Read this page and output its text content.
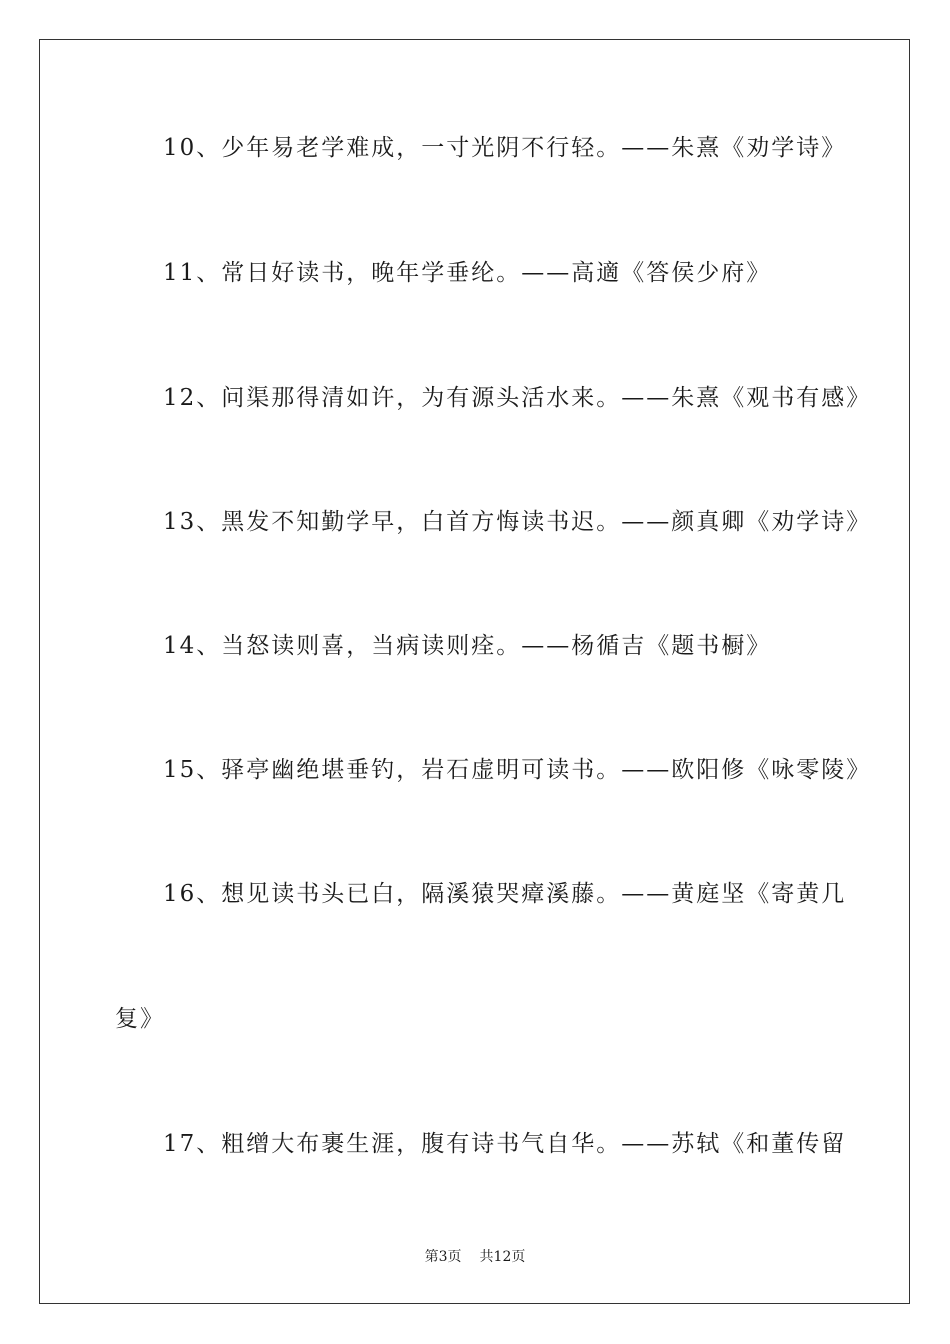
10、少年易老学难成，一寸光阴不行轻。——朱熹《劝学诗》
11、常日好读书，晚年学垂纶。——高適《答侯少府》
12、问渠那得清如许，为有源头活水来。——朱熹《观书有感》
13、黑发不知勤学早，白首方悔读书迟。——颜真卿《劝学诗》
14、当怒读则喜，当病读则痊。——杨循吉《题书橱》
15、驿亭幽绝堪垂钓，岩石虚明可读书。——欧阳修《咏零陵》
16、想见读书头已白，隔溪猿哭瘴溪藤。——黄庭坚《寄黄几
复》
17、粗缯大布裹生涯，腹有诗书气自华。——苏轼《和董传留
第3页 共12页
